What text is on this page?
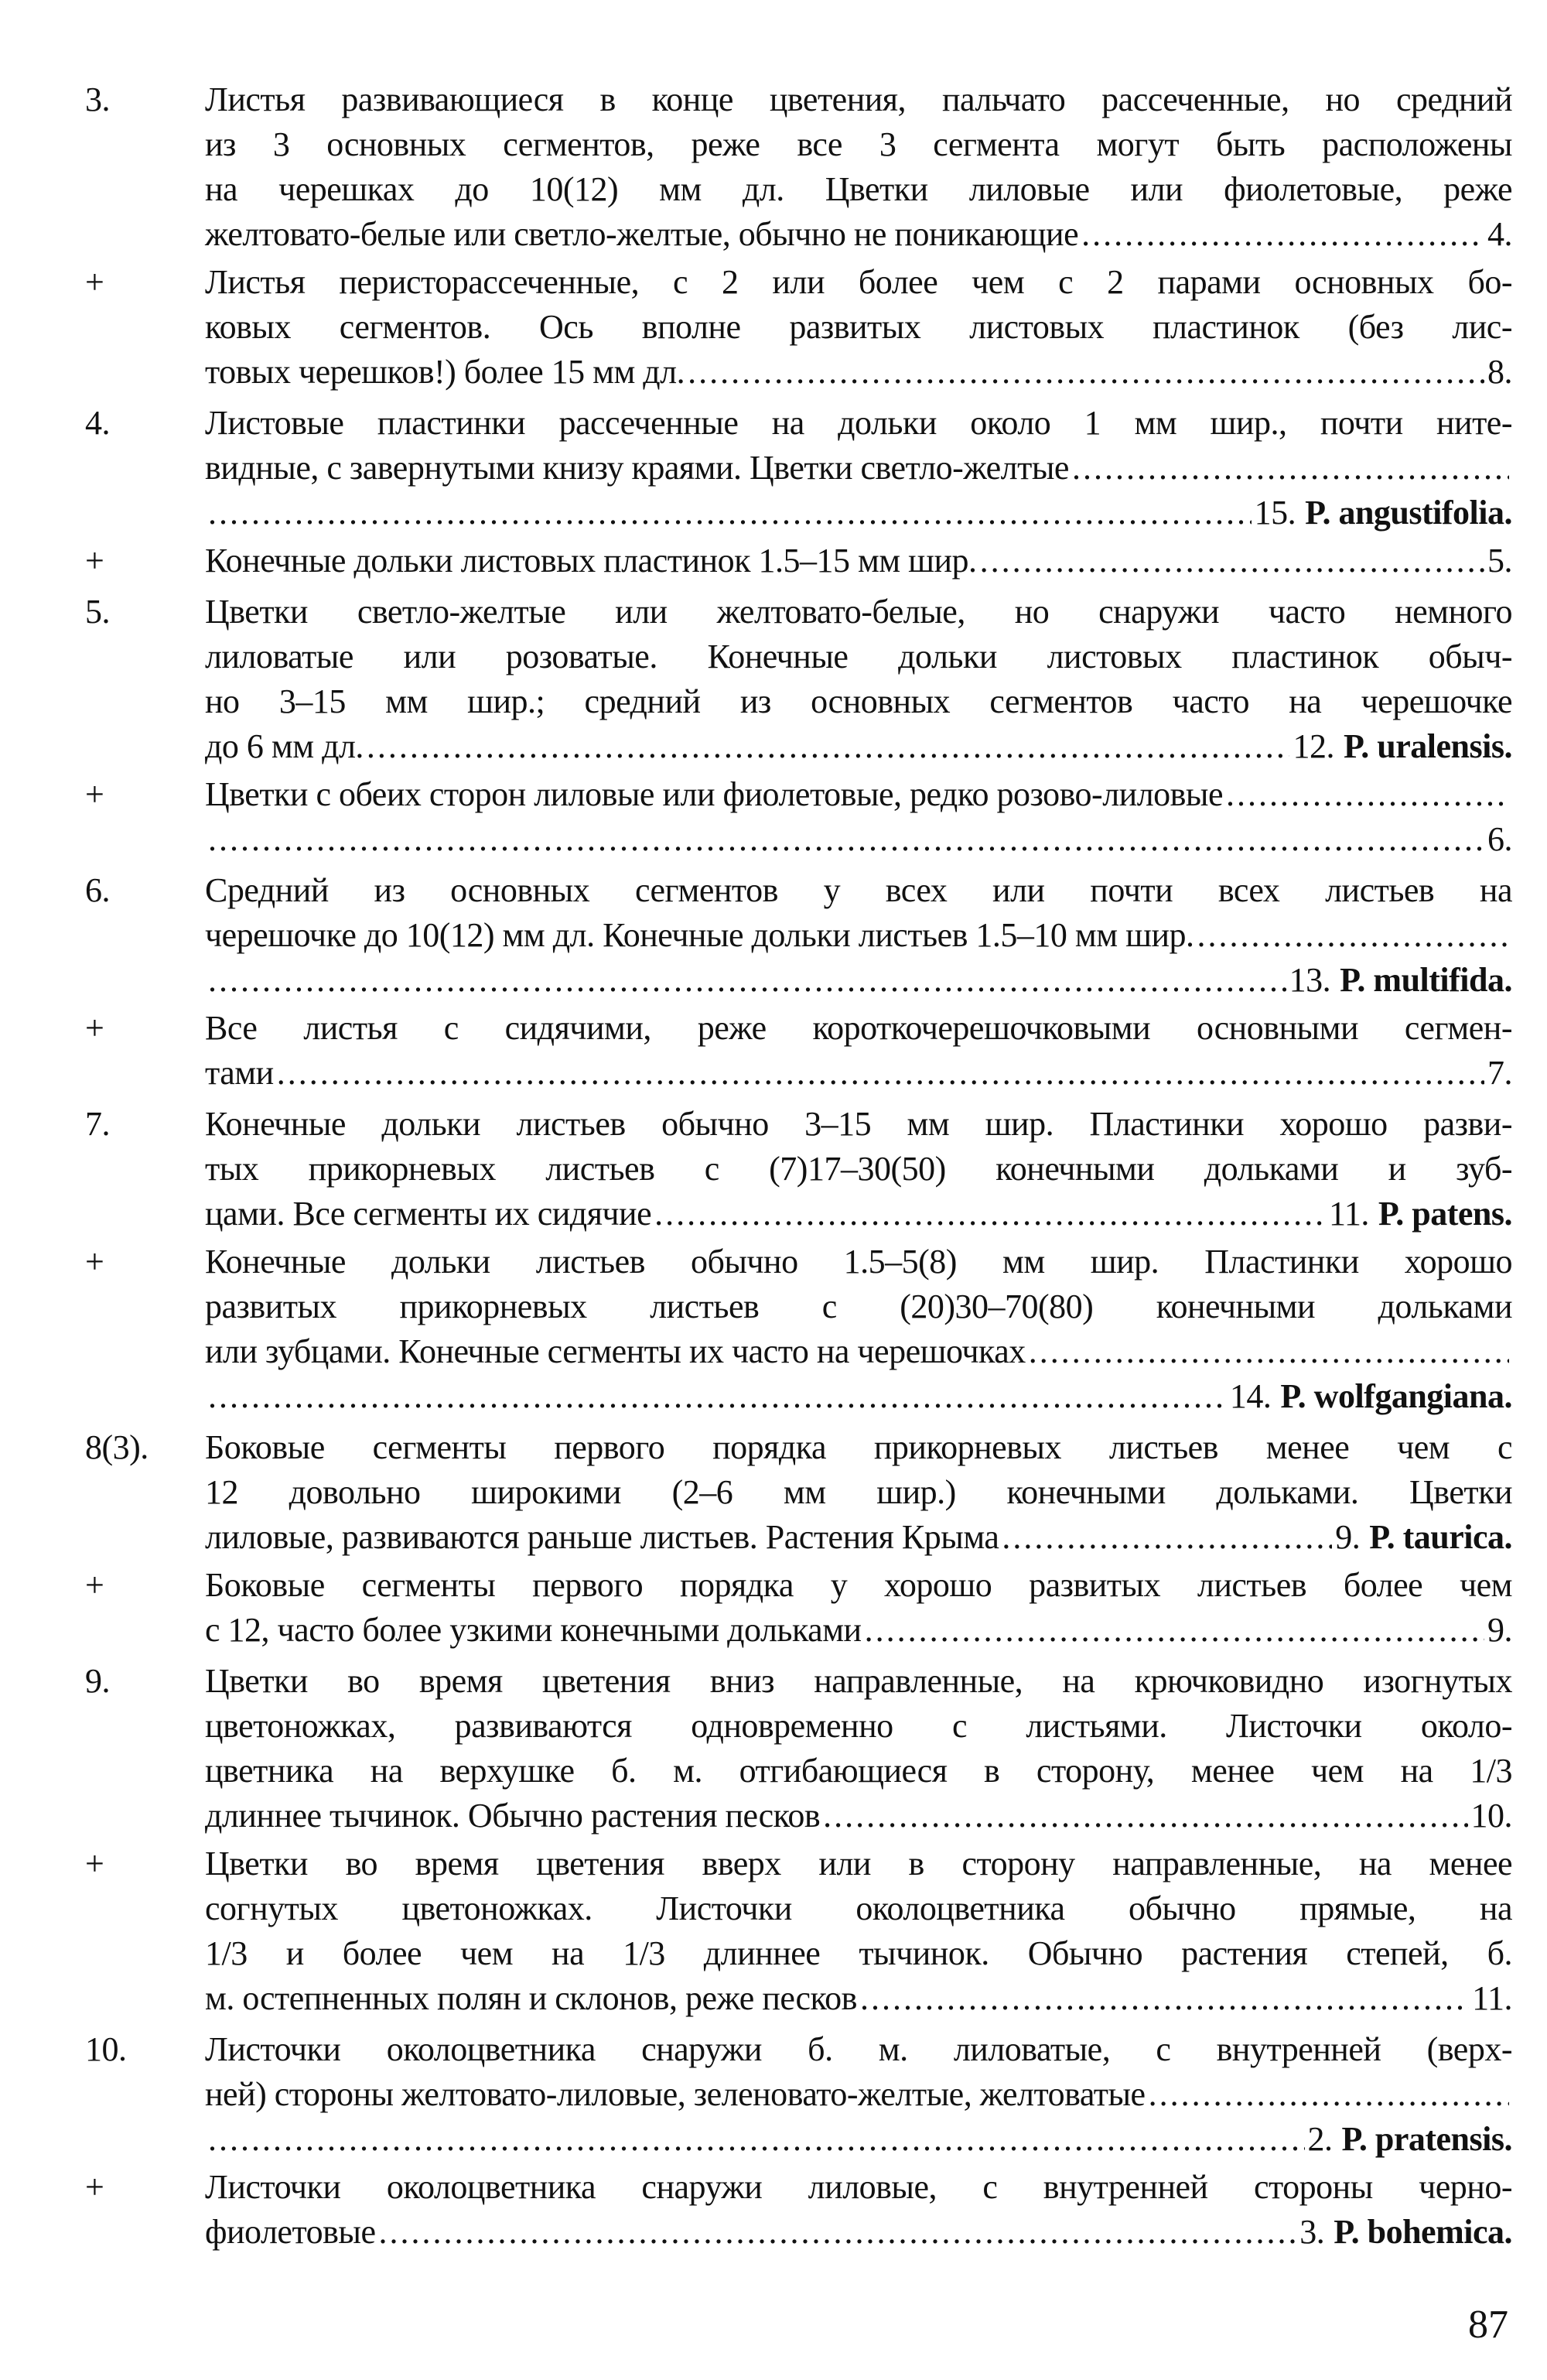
3.	Листья развивающиеся в конце цветения, пальчато рассеченные, но средний
из 3 основных сегментов, реже все 3 сегмента могут быть расположены
на черешках до 10(12) мм дл. Цветки лиловые или фиолетовые, реже
желтовато-белые или светло-желтые, обычно не поникающие .....	4.
+	Листья перисторассеченные, с 2 или более чем с 2 парами основных бо-
ковых сегментов. Ось вполне развитых листовых пластинок (без лис-
товых черешков!) более 15 мм дл. .....	8.
4.	Листовые пластинки рассеченные на дольки около 1 мм шир., почти ните-
видные, с завернутыми книзу краями. Цветки светло-желтые
.....
.....
15. P. angustifolia.
+	Конечные дольки листовых пластинок 1.5–15 мм шир. .....	5.
5.	Цветки светло-желтые или желтовато-белые, но снаружи часто немного
лиловатые или розоватые. Конечные дольки листовых пластинок обыч-
но 3–15 мм шир.; средний из основных сегментов часто на черешочке
до 6 мм дл. .....	12. P. uralensis.
+	Цветки с обеих сторон лиловые или фиолетовые, редко розово-лиловые
.....
.....
6.
6.	Средний из основных сегментов у всех или почти всех листьев на
черешочке до 10(12) мм дл. Конечные дольки листьев 1.5–10 мм шир.
.....
.....
13. P. multifida.
+	Все листья с сидячими, реже короткочерешочковыми основными сегмен-
тами .....	7.
7.	Конечные дольки листьев обычно 3–15 мм шир. Пластинки хорошо разви-
тых прикорневых листьев с (7)17–30(50) конечными дольками и зуб-
цами. Все сегменты их сидячие .....	11. P. patens.
+	Конечные дольки листьев обычно 1.5–5(8) мм шир. Пластинки хорошо
развитых прикорневых листьев с (20)30–70(80) конечными дольками
или зубцами. Конечные сегменты их часто на черешочках
.....
.....
14. P. wolfgangiana.
8(3). Боковые сегменты первого порядка прикорневых листьев менее чем с
12 довольно широкими (2–6 мм шир.) конечными дольками. Цветки
лиловые, развиваются раньше листьев. Растения Крыма .....	9. P. taurica.
+	Боковые сегменты первого порядка у хорошо развитых листьев более чем
с 12, часто более узкими конечными дольками .....	9.
9.	Цветки во время цветения вниз направленные, на крючковидно изогнутых
цветоножках, развиваются одновременно с листьями. Листочки около-
цветника на верхушке б. м. отгибающиеся в сторону, менее чем на 1/3
длиннее тычинок. Обычно растения песков .....	10.
+	Цветки во время цветения вверх или в сторону направленные, на менее
согнутых цветоножках. Листочки околоцветника обычно прямые, на
1/3 и более чем на 1/3 длиннее тычинок. Обычно растения степей, б.
м. остепненных полян и склонов, реже песков .....	11.
10. Листочки околоцветника снаружи б. м. лиловатые, с внутренней (верх-
ней) стороны желтовато-лиловые, зеленовато-желтые, желтоватые
.....
.....
2. P. pratensis.
+	Листочки околоцветника снаружи лиловые, с внутренней стороны черно-
фиолетовые .....	3. P. bohemica.
87
